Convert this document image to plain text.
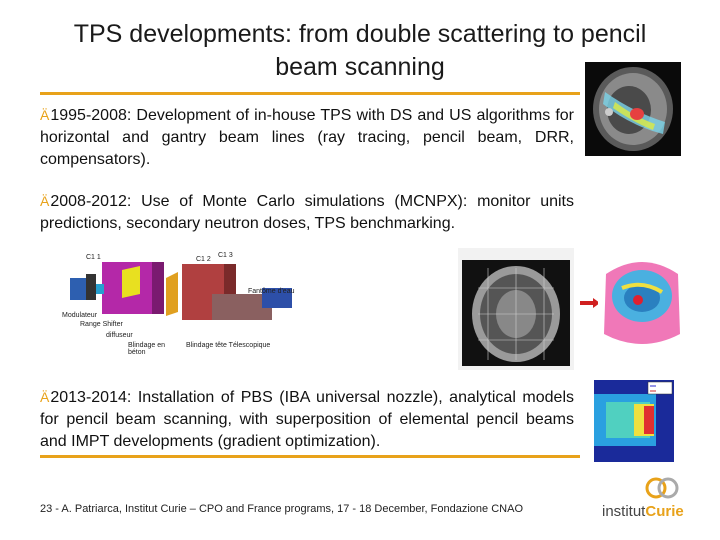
TPS developments: from double scattering to pencil beam scanning
Ä1995-2008: Development of in-house TPS with DS and US algorithms for horizontal and gantry beam lines (ray tracing, pencil beam, DRR, compensators).
Ä2008-2012: Use of Monte Carlo simulations (MCNPX): monitor units predictions, secondary neutron doses, TPS benchmarking.
C1 1	C1 2
C1 3
Fantôme d'eau
Modulateur
Range Shifter
diffuseur
Blindage en béton
Blindage tête Télescopique
Ä2013-2014: Installation of PBS (IBA universal nozzle), analytical models for pencil beam scanning, with superposition of elemental pencil beams and IMPT developments (gradient optimization).
23 - A. Patriarca, Institut Curie – CPO and France programs, 17 - 18 December, Fondazione CNAO	institutCurie
